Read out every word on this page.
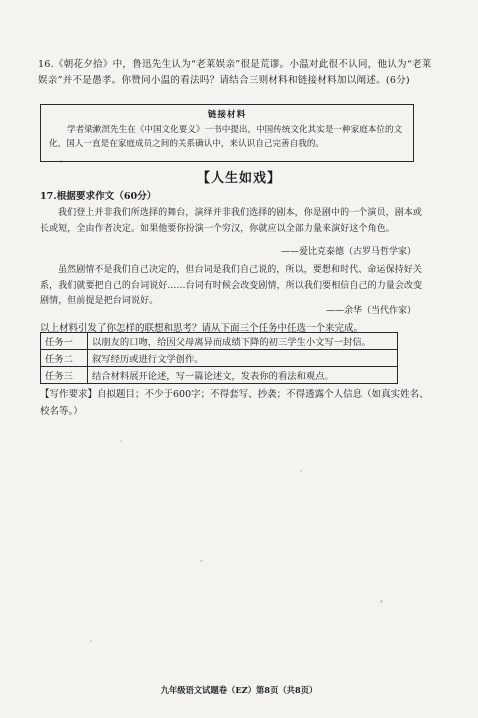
16.《朝花夕拾》中，鲁迅先生认为“老莱娱亲”很是荒谬。小温对此很不认同，他认为“老莱娱亲”并不是愚孝。你赞同小温的看法吗？请结合三则材料和链接材料加以阐述。(6分)
链接材料
学者梁漱溟先生在《中国文化要义》一书中提出，中国传统文化其实是一种家庭本位的文化，国人一直是在家庭成员之间的关系确认中，来认识自己完善自我的。
【人生如戏】
17.根据要求作文（60分）
我们登上并非我们所选择的舞台，演绎并非我们选择的剧本，你是剧中的一个演员，剧本或长或短，全由作者决定。如果他要你扮演一个穷汉，你就应以全部力量来演好这个角色。
——爱比克泰德（古罗马哲学家）
虽然剧情不是我们自己决定的，但台词是我们自己说的，所以，要想和时代、命运保持好关系，我们就要把自己的台词说好……台词有时候会改变剧情，所以我们要相信自己的力量会改变剧情，但前提是把台词说好。
——余华（当代作家）
以上材料引发了你怎样的联想和思考？请从下面三个任务中任选一个来完成。
任务一	以朋友的口吻，给因父母离异而成绩下降的初三学生小文写一封信。
任务二	叙写经历或进行文学创作。
任务三	结合材料展开论述，写一篇论述文，发表你的看法和观点。
【写作要求】自拟题目；不少于600字；不得套写、抄袭；不得透露个人信息（如真实姓名、校名等。）
九年级语文试题卷（EZ）第8页（共8页）
